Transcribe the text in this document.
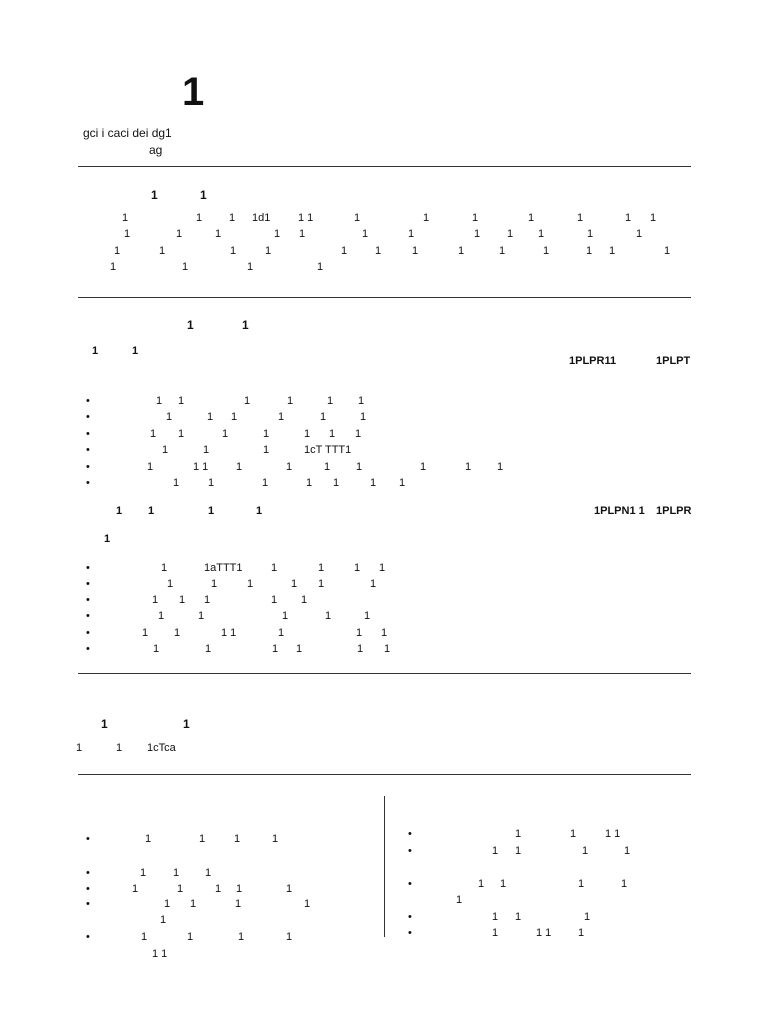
1
gci i caci dei dg1
ag
1	1
1	1 1 1d1	1 1	1	1	1	1	1	1 1
1	1	1	1 1	1	1	1 1 1	1	1
1	1	1	1	1	1	1	1	1	1	1 1	1
1	1	1	1
1	1
1	1
1PLPR11	1PLPT
1 1	1	1	1 1
1	1 1	1	1	1
1 1	1	1	1 1 1
1	1	1	1cT TTT1
1	1 1	1	1	1 1	1	1 1
1	1	1	1 1	1 1
1 1	1	1	1PLPN1 1 1PLPR
1
1	1aTTT1	1	1	1 1
1	1	1	1 1	1
1 1 1	1 1
1	1	1	1	1
1 1	1 1	1	1 1
1	1	1 1	1 1
1	1
1	1 1cTca
1	1	1	1
1 1 1
1	1	1 1	1
1 1	1	1
1
1	1	1	1
1 1
1	1	1 1
1 1	1	1
1 1	1	1
1
1 1	1
1	1 1 1
